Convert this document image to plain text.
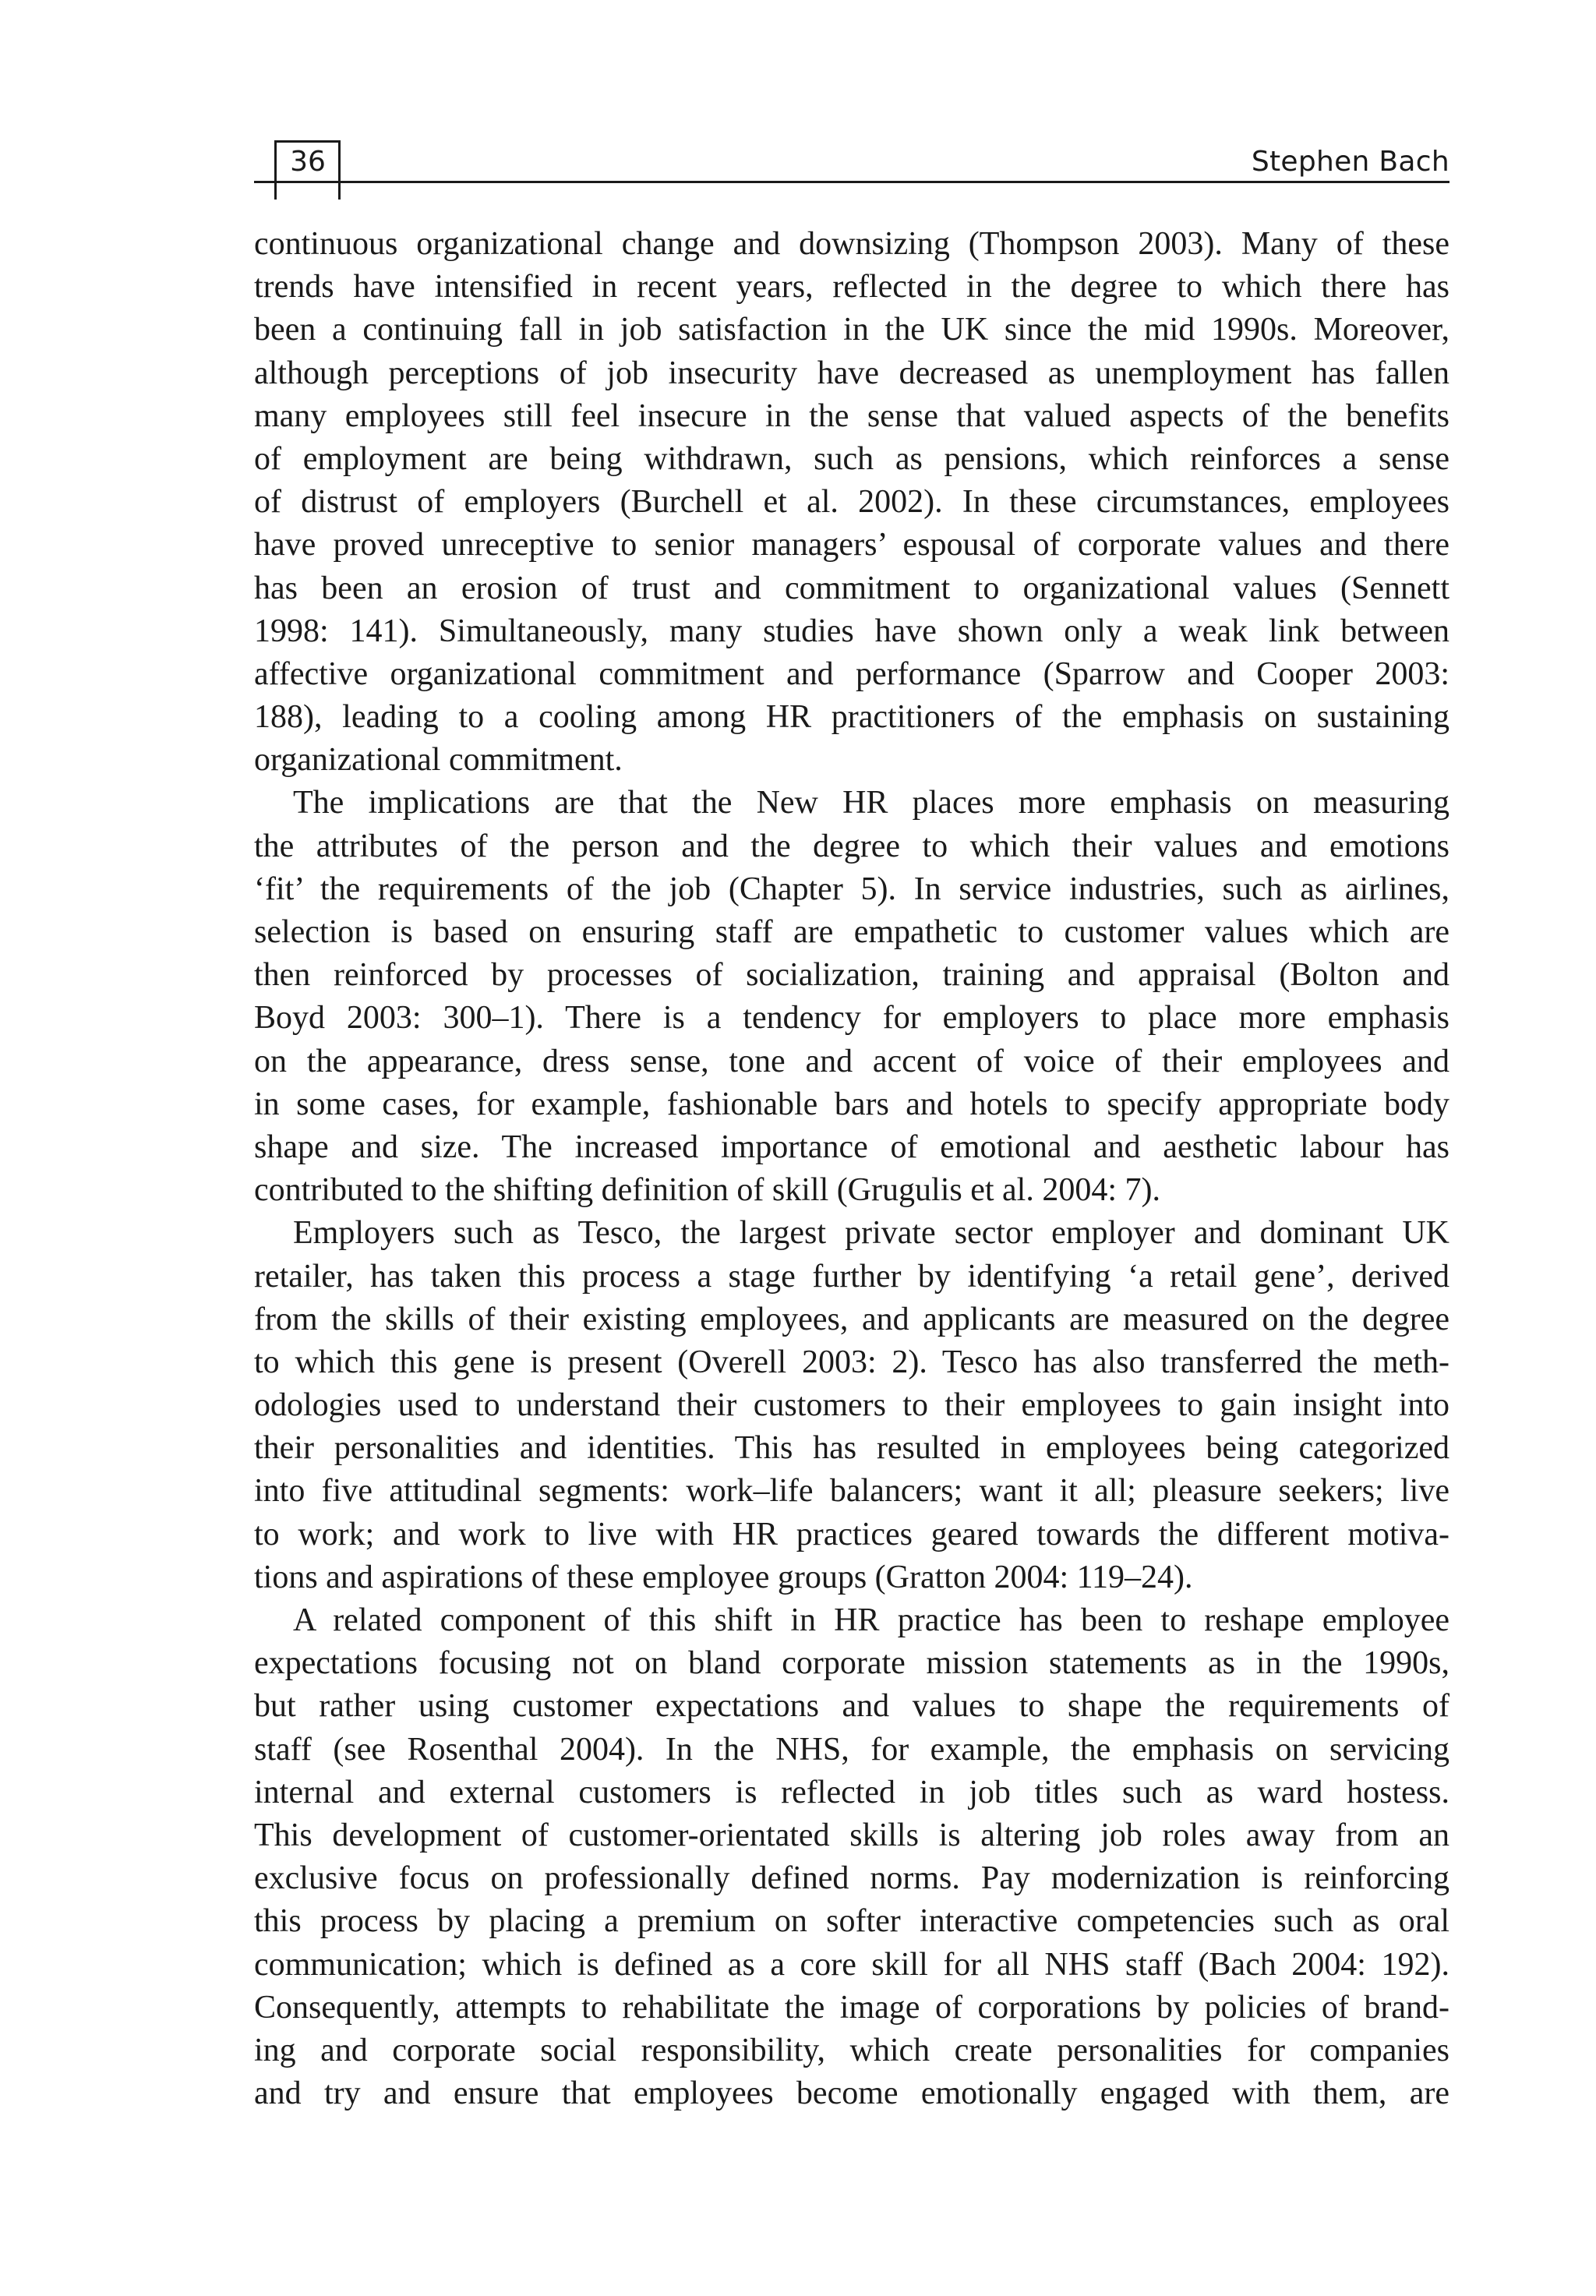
36	Stephen Bach
continuous organizational change and downsizing (Thompson 2003). Many of these
trends have intensified in recent years, reflected in the degree to which there has
been a continuing fall in job satisfaction in the UK since the mid 1990s. Moreover,
although perceptions of job insecurity have decreased as unemployment has fallen
many employees still feel insecure in the sense that valued aspects of the benefits
of employment are being withdrawn, such as pensions, which reinforces a sense
of distrust of employers (Burchell et al. 2002). In these circumstances, employees
have proved unreceptive to senior managers’ espousal of corporate values and there
has been an erosion of trust and commitment to organizational values (Sennett
1998: 141). Simultaneously, many studies have shown only a weak link between
affective organizational commitment and performance (Sparrow and Cooper 2003:
188), leading to a cooling among HR practitioners of the emphasis on sustaining
organizational commitment.
The implications are that the New HR places more emphasis on measuring
the attributes of the person and the degree to which their values and emotions
‘fit’ the requirements of the job (Chapter 5). In service industries, such as airlines,
selection is based on ensuring staff are empathetic to customer values which are
then reinforced by processes of socialization, training and appraisal (Bolton and
Boyd 2003: 300–1). There is a tendency for employers to place more emphasis
on the appearance, dress sense, tone and accent of voice of their employees and
in some cases, for example, fashionable bars and hotels to specify appropriate body
shape and size. The increased importance of emotional and aesthetic labour has
contributed to the shifting definition of skill (Grugulis et al. 2004: 7).
Employers such as Tesco, the largest private sector employer and dominant UK
retailer, has taken this process a stage further by identifying ‘a retail gene’, derived
from the skills of their existing employees, and applicants are measured on the degree
to which this gene is present (Overell 2003: 2). Tesco has also transferred the meth-
odologies used to understand their customers to their employees to gain insight into
their personalities and identities. This has resulted in employees being categorized
into five attitudinal segments: work–life balancers; want it all; pleasure seekers; live
to work; and work to live with HR practices geared towards the different motiva-
tions and aspirations of these employee groups (Gratton 2004: 119–24).
A related component of this shift in HR practice has been to reshape employee
expectations focusing not on bland corporate mission statements as in the 1990s,
but rather using customer expectations and values to shape the requirements of
staff (see Rosenthal 2004). In the NHS, for example, the emphasis on servicing
internal and external customers is reflected in job titles such as ward hostess.
This development of customer-orientated skills is altering job roles away from an
exclusive focus on professionally defined norms. Pay modernization is reinforcing
this process by placing a premium on softer interactive competencies such as oral
communication; which is defined as a core skill for all NHS staff (Bach 2004: 192).
Consequently, attempts to rehabilitate the image of corporations by policies of brand-
ing and corporate social responsibility, which create personalities for companies
and try and ensure that employees become emotionally engaged with them, are
